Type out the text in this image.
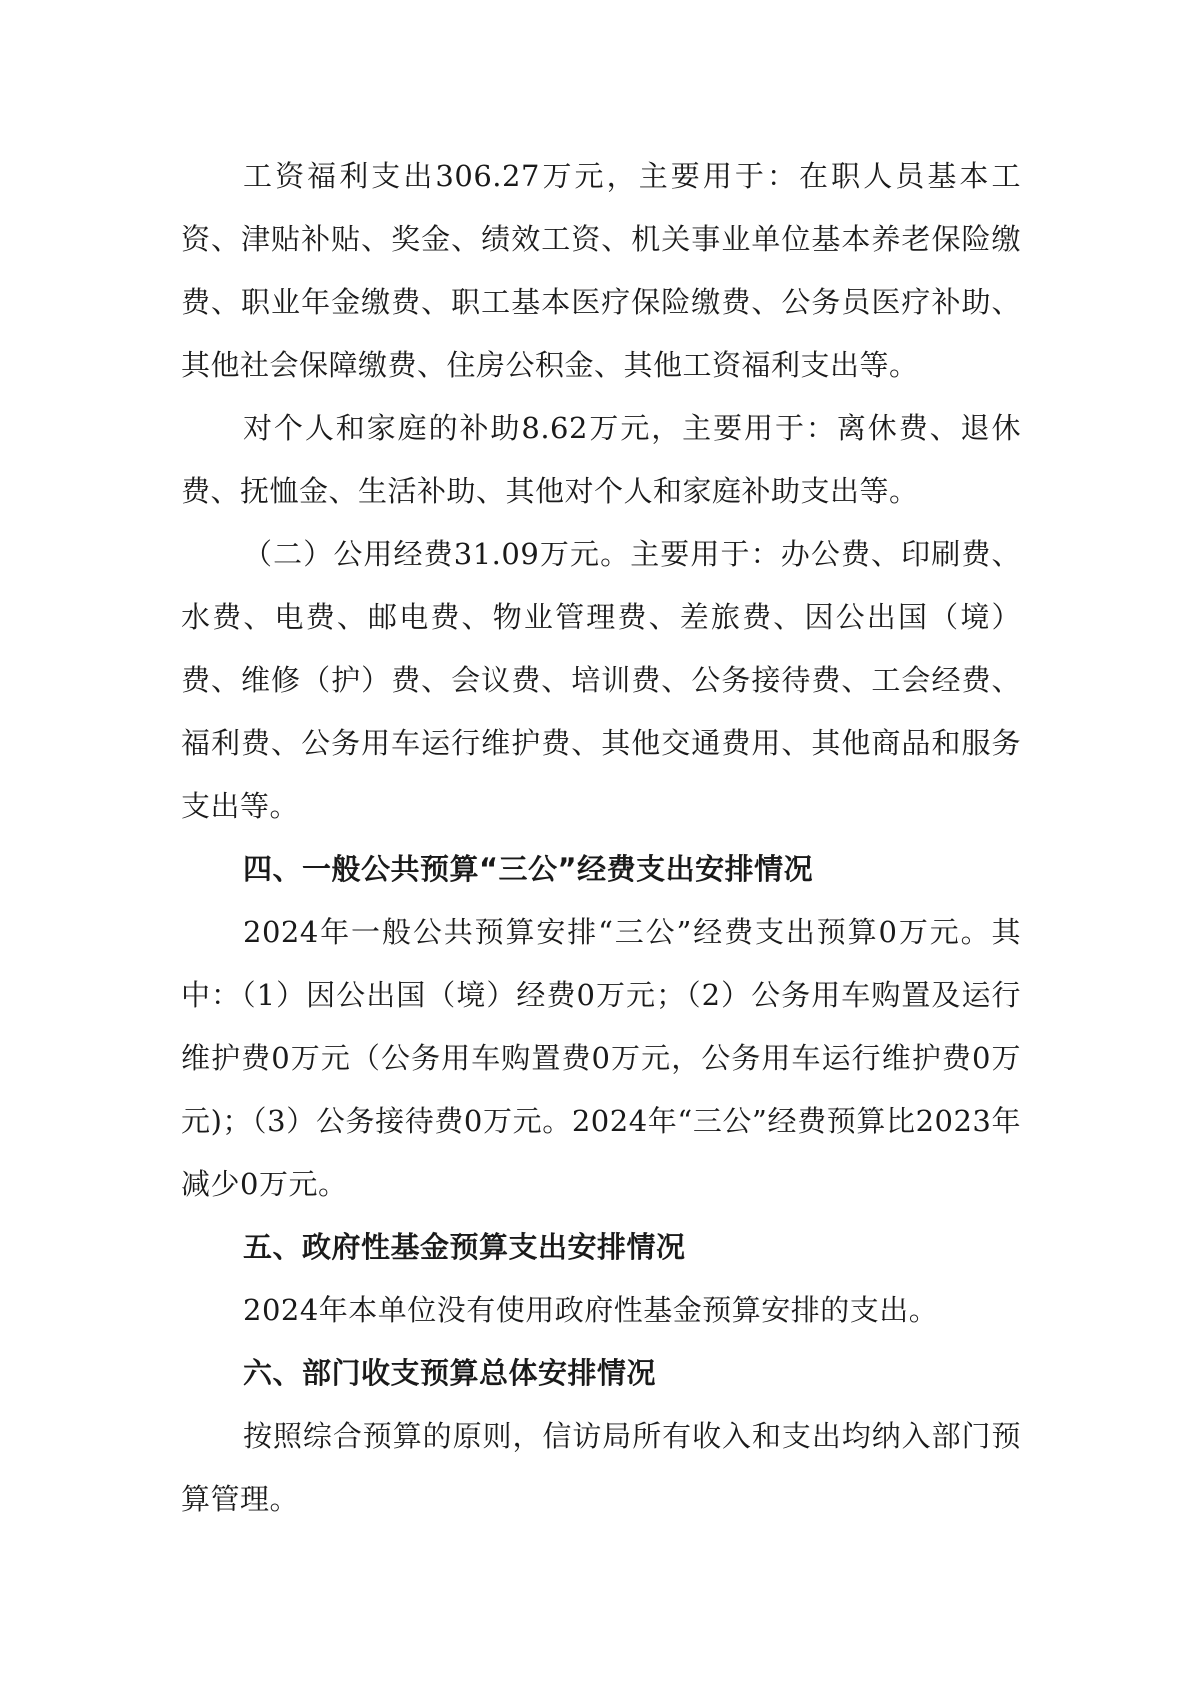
工资福利支出306.27万元，主要用于：在职人员基本工资、津贴补贴、奖金、绩效工资、机关事业单位基本养老保险缴费、职业年金缴费、职工基本医疗保险缴费、公务员医疗补助、其他社会保障缴费、住房公积金、其他工资福利支出等。

对个人和家庭的补助8.62万元，主要用于：离休费、退休费、抚恤金、生活补助、其他对个人和家庭补助支出等。

（二）公用经费31.09万元。主要用于：办公费、印刷费、水费、电费、邮电费、物业管理费、差旅费、因公出国（境）费、维修（护）费、会议费、培训费、公务接待费、工会经费、福利费、公务用车运行维护费、其他交通费用、其他商品和服务支出等。

四、一般公共预算“三公”经费支出安排情况

2024年一般公共预算安排“三公”经费支出预算0万元。其中：（1）因公出国（境）经费0万元；（2）公务用车购置及运行维护费0万元（公务用车购置费0万元，公务用车运行维护费0万元)；（3）公务接待费0万元。2024年“三公”经费预算比2023年减少0万元。

五、政府性基金预算支出安排情况

2024年本单位没有使用政府性基金预算安排的支出。

六、部门收支预算总体安排情况

按照综合预算的原则，信访局所有收入和支出均纳入部门预算管理。
